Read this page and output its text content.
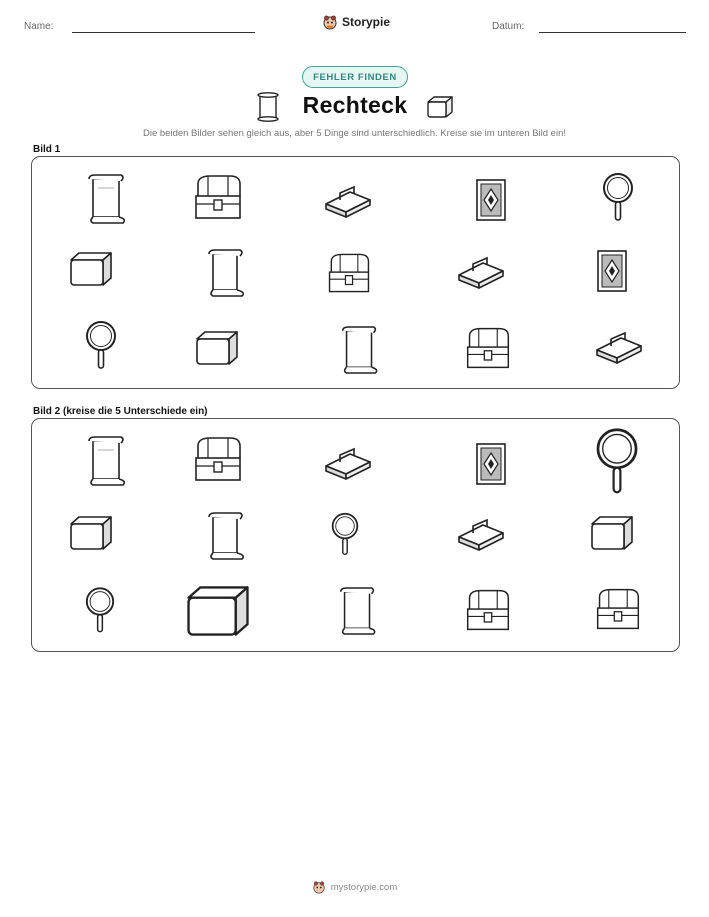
Name:	Datum:
Storypie
FEHLER FINDEN
Rechteck
Die beiden Bilder sehen gleich aus, aber 5 Dinge sind unterschiedlich. Kreise sie im unteren Bild ein!
Bild 1
Bild 2 (kreise die 5 Unterschiede ein)
mystorypie.com
